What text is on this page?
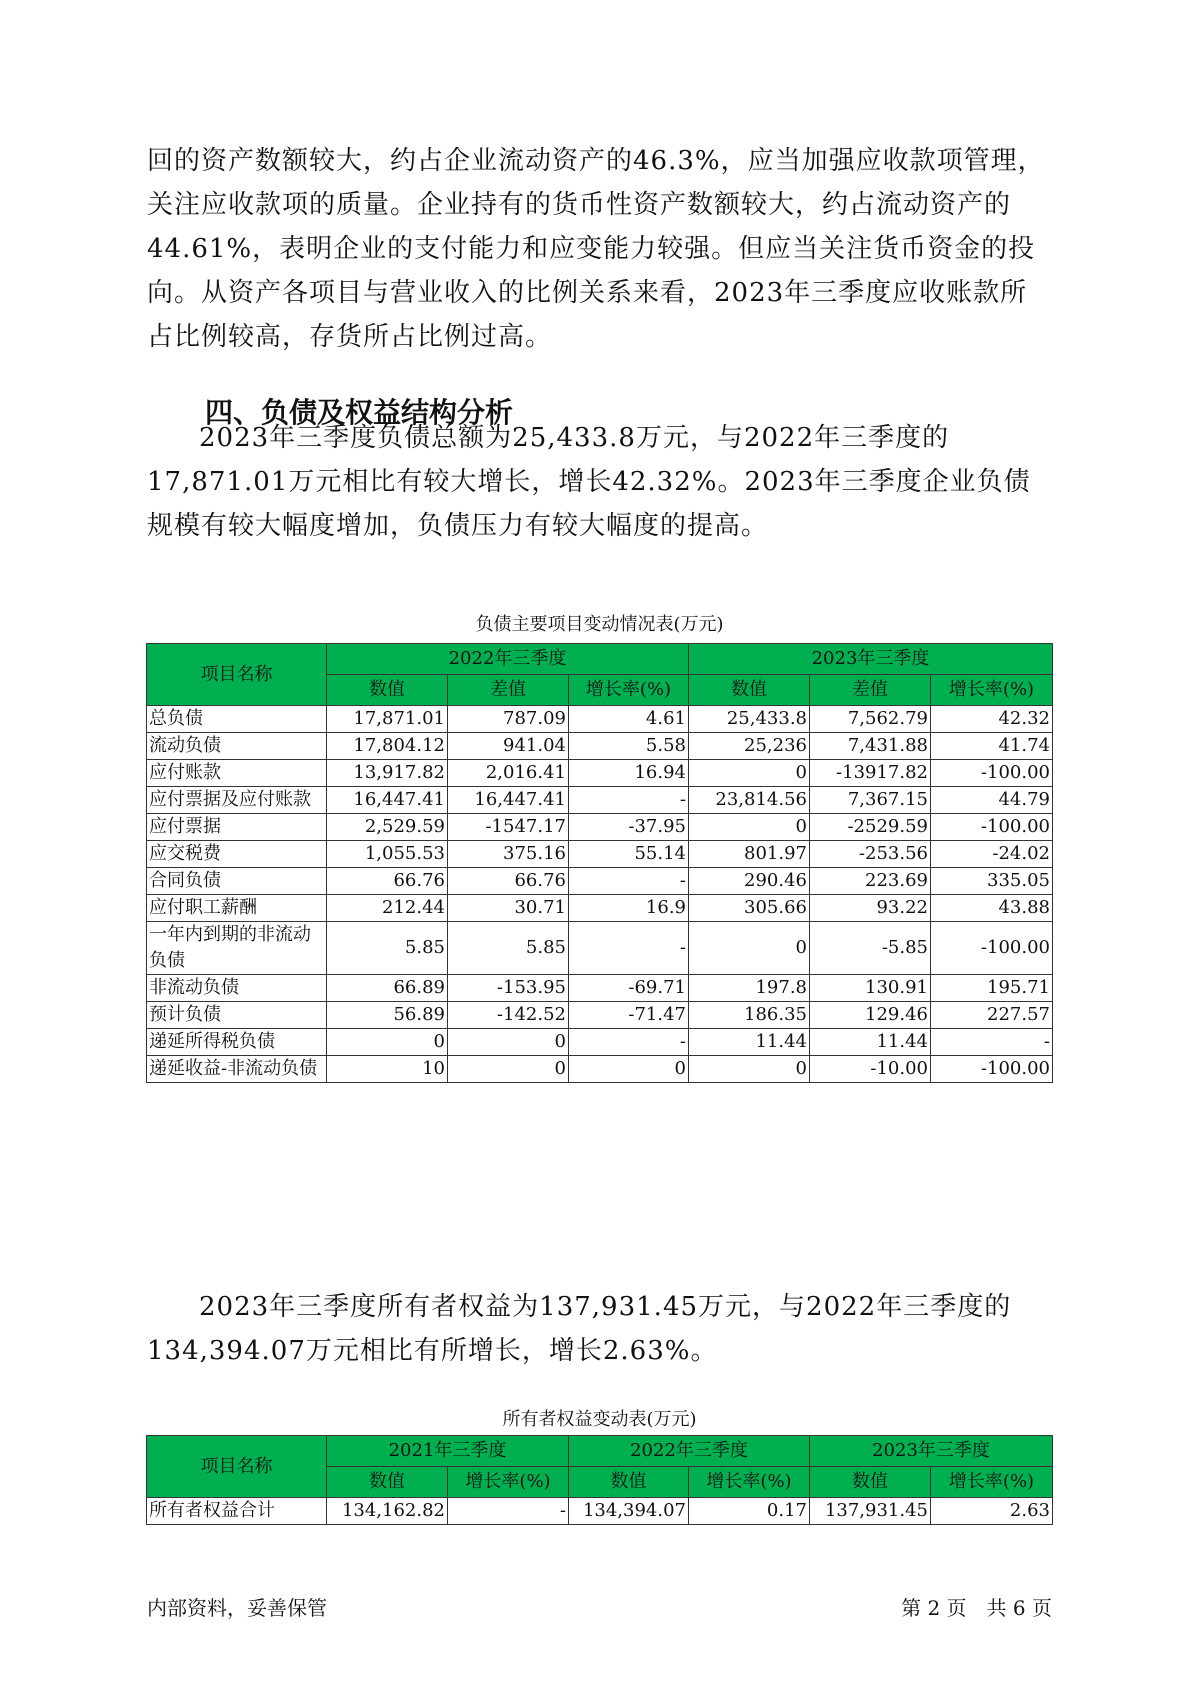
回的资产数额较大，约占企业流动资产的46.3%，应当加强应收款项管理，关注应收款项的质量。企业持有的货币性资产数额较大，约占流动资产的44.61%，表明企业的支付能力和应变能力较强。但应当关注货币资金的投向。从资产各项目与营业收入的比例关系来看，2023年三季度应收账款所占比例较高，存货所占比例过高。

四、负债及权益结构分析

2023年三季度负债总额为25,433.8万元，与2022年三季度的17,871.01万元相比有较大增长，增长42.32%。2023年三季度企业负债规模有较大幅度增加，负债压力有较大幅度的提高。

负债主要项目变动情况表(万元)

项目名称	2022年三季度			2023年三季度		
	数值	差值	增长率(%)	数值	差值	增长率(%)
总负债	17,871.01	787.09	4.61	25,433.8	7,562.79	42.32
流动负债	17,804.12	941.04	5.58	25,236	7,431.88	41.74
应付账款	13,917.82	2,016.41	16.94	0	-13917.82	-100.00
应付票据及应付账款	16,447.41	16,447.41	-	23,814.56	7,367.15	44.79
应付票据	2,529.59	-1547.17	-37.95	0	-2529.59	-100.00
应交税费	1,055.53	375.16	55.14	801.97	-253.56	-24.02
合同负债	66.76	66.76	-	290.46	223.69	335.05
应付职工薪酬	212.44	30.71	16.9	305.66	93.22	43.88
一年内到期的非流动负债	5.85	5.85	-	0	-5.85	-100.00
非流动负债	66.89	-153.95	-69.71	197.8	130.91	195.71
预计负债	56.89	-142.52	-71.47	186.35	129.46	227.57
递延所得税负债	0	0	-	11.44	11.44	-
递延收益-非流动负债	10	0	0	0	-10.00	-100.00

2023年三季度所有者权益为137,931.45万元，与2022年三季度的134,394.07万元相比有所增长，增长2.63%。

所有者权益变动表(万元)

项目名称	2021年三季度		2022年三季度		2023年三季度	
	数值	增长率(%)	数值	增长率(%)	数值	增长率(%)
所有者权益合计	134,162.82	-	134,394.07	0.17	137,931.45	2.63

内部资料，妥善保管	第 2 页　共 6 页
